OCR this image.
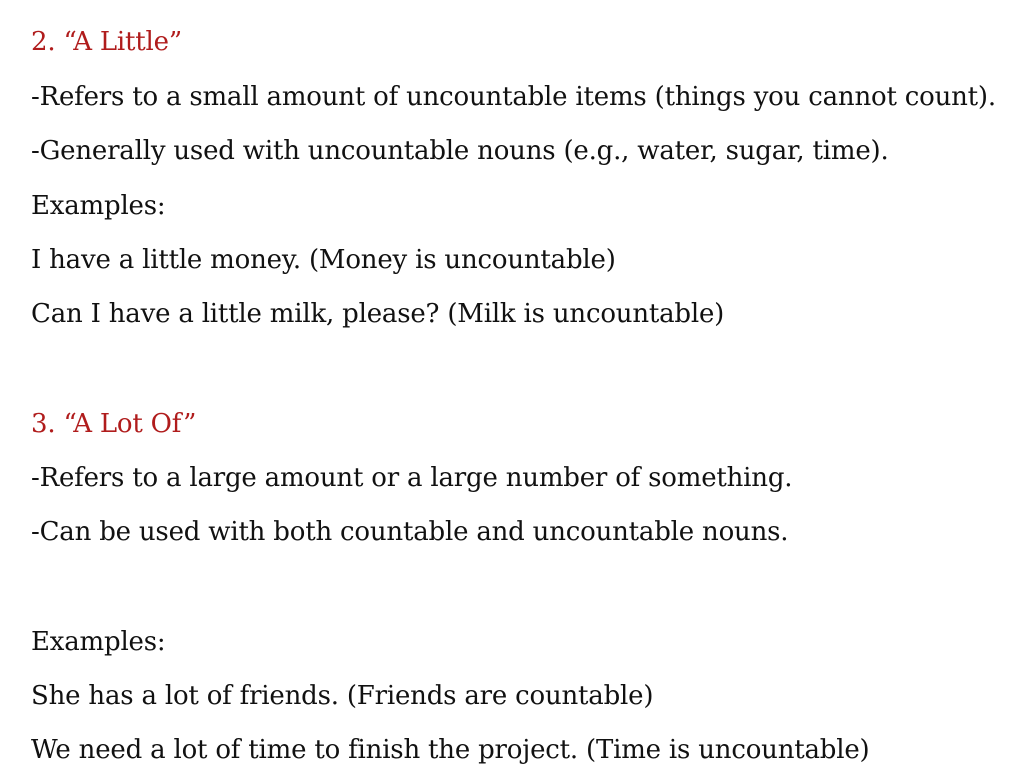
2. “A Little”
-Refers to a small amount of uncountable items (things you cannot count).
-Generally used with uncountable nouns (e.g., water, sugar, time).
Examples:
I have a little money. (Money is uncountable)
Can I have a little milk, please? (Milk is uncountable)
3. “A Lot Of”
-Refers to a large amount or a large number of something.
-Can be used with both countable and uncountable nouns.
Examples:
She has a lot of friends. (Friends are countable)
We need a lot of time to finish the project. (Time is uncountable)
